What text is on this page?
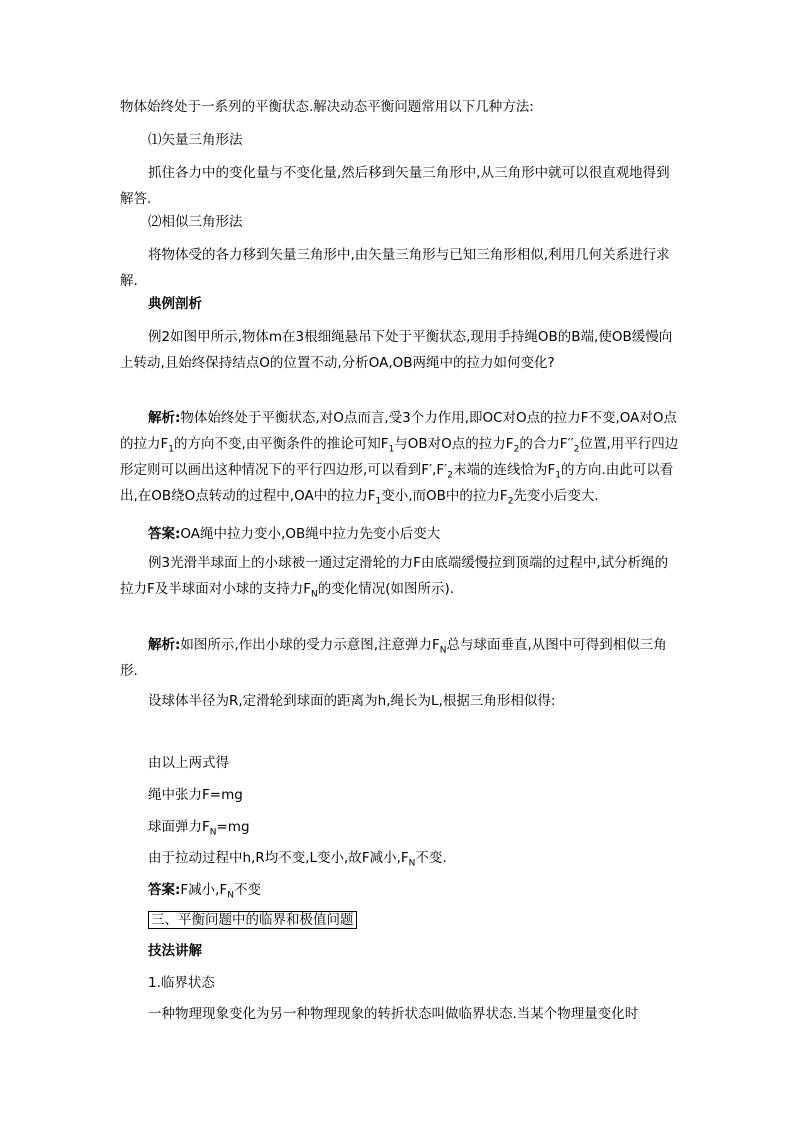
物体始终处于一系列的平衡状态.解决动态平衡问题常用以下几种方法:

⑴矢量三角形法

抓住各力中的变化量与不变化量,然后移到矢量三角形中,从三角形中就可以很直观地得到解答.

⑵相似三角形法

将物体受的各力移到矢量三角形中,由矢量三角形与已知三角形相似,利用几何关系进行求解.

典例剖析

例2如图甲所示,物体m在3根细绳悬吊下处于平衡状态,现用手持绳OB的B端,使OB缓慢向上转动,且始终保持结点O的位置不动,分析OA,OB两绳中的拉力如何变化?

解析:物体始终处于平衡状态,对O点而言,受3个力作用,即OC对O点的拉力F不变,OA对O点的拉力$F_1$的方向不变,由平衡条件的推论可知$F_1$与OB对O点的拉力$F_2$的合力$F''_2$位置,用平行四边形定则可以画出这种情况下的平行四边形,可以看到$F',F'_2$末端的连线恰为$F_1$的方向.由此可以看出,在OB绕O点转动的过程中,OA中的拉力$F_1$变小,而OB中的拉力$F_2$先变小后变大.

答案:OA绳中拉力变小,OB绳中拉力先变小后变大

例3光滑半球面上的小球被一通过定滑轮的力F由底端缓慢拉到顶端的过程中,试分析绳的拉力F及半球面对小球的支持力$F_N$的变化情况(如图所示).

解析:如图所示,作出小球的受力示意图,注意弹力$F_N$总与球面垂直,从图中可得到相似三角形.

设球体半径为R,定滑轮到球面的距离为h,绳长为L,根据三角形相似得:

由以上两式得

绳中张力F=mg

球面弹力$F_N=mg$

由于拉动过程中h,R均不变,L变小,故F减小$,F_N$不变.

答案:F减小$,F_N$不变

三、平衡问题中的临界和极值问题

技法讲解

1.临界状态

一种物理现象变化为另一种物理现象的转折状态叫做临界状态.当某个物理量变化时
